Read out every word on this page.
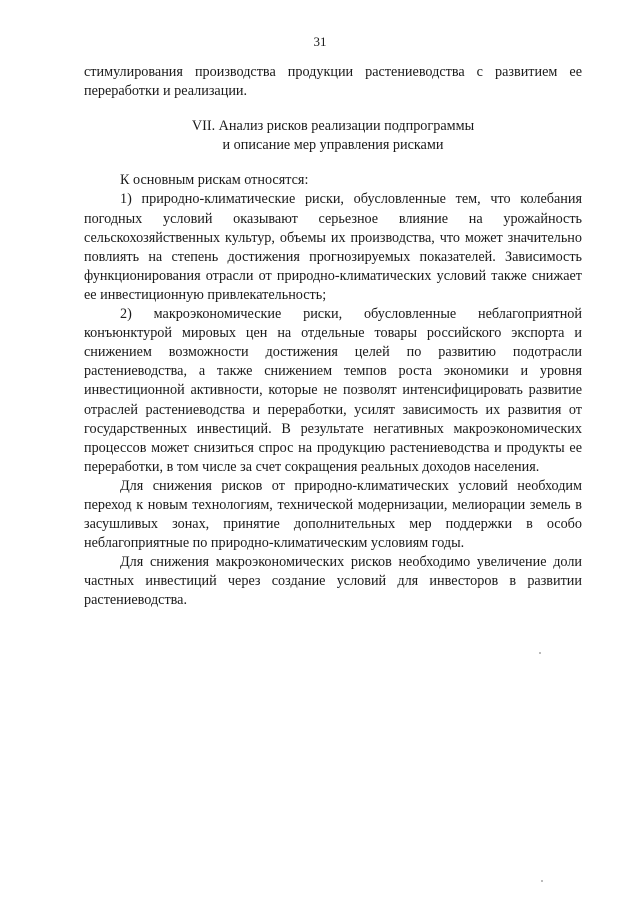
31

стимулирования производства продукции растениеводства с развитием ее переработки и реализации.

VII. Анализ рисков реализации подпрограммы
и описание мер управления рисками

К основным рискам относятся:

1) природно-климатические риски, обусловленные тем, что колебания погодных условий оказывают серьезное влияние на урожайность сельскохозяйственных культур, объемы их производства, что может значительно повлиять на степень достижения прогнозируемых показателей. Зависимость функционирования отрасли от природно-климатических условий также снижает ее инвестиционную привлекательность;

2) макроэкономические риски, обусловленные неблагоприятной конъюнктурой мировых цен на отдельные товары российского экспорта и снижением возможности достижения целей по развитию подотрасли растениеводства, а также снижением темпов роста экономики и уровня инвестиционной активности, которые не позволят интенсифицировать развитие отраслей растениеводства и переработки, усилят зависимость их развития от государственных инвестиций. В результате негативных макроэкономических процессов может снизиться спрос на продукцию растениеводства и продукты ее переработки, в том числе за счет сокращения реальных доходов населения.

Для снижения рисков от природно-климатических условий необходим переход к новым технологиям, технической модернизации, мелиорации земель в засушливых зонах, принятие дополнительных мер поддержки в особо неблагоприятные по природно-климатическим условиям годы.

Для снижения макроэкономических рисков необходимо увеличение доли частных инвестиций через создание условий для инвесторов в развитии растениеводства.
